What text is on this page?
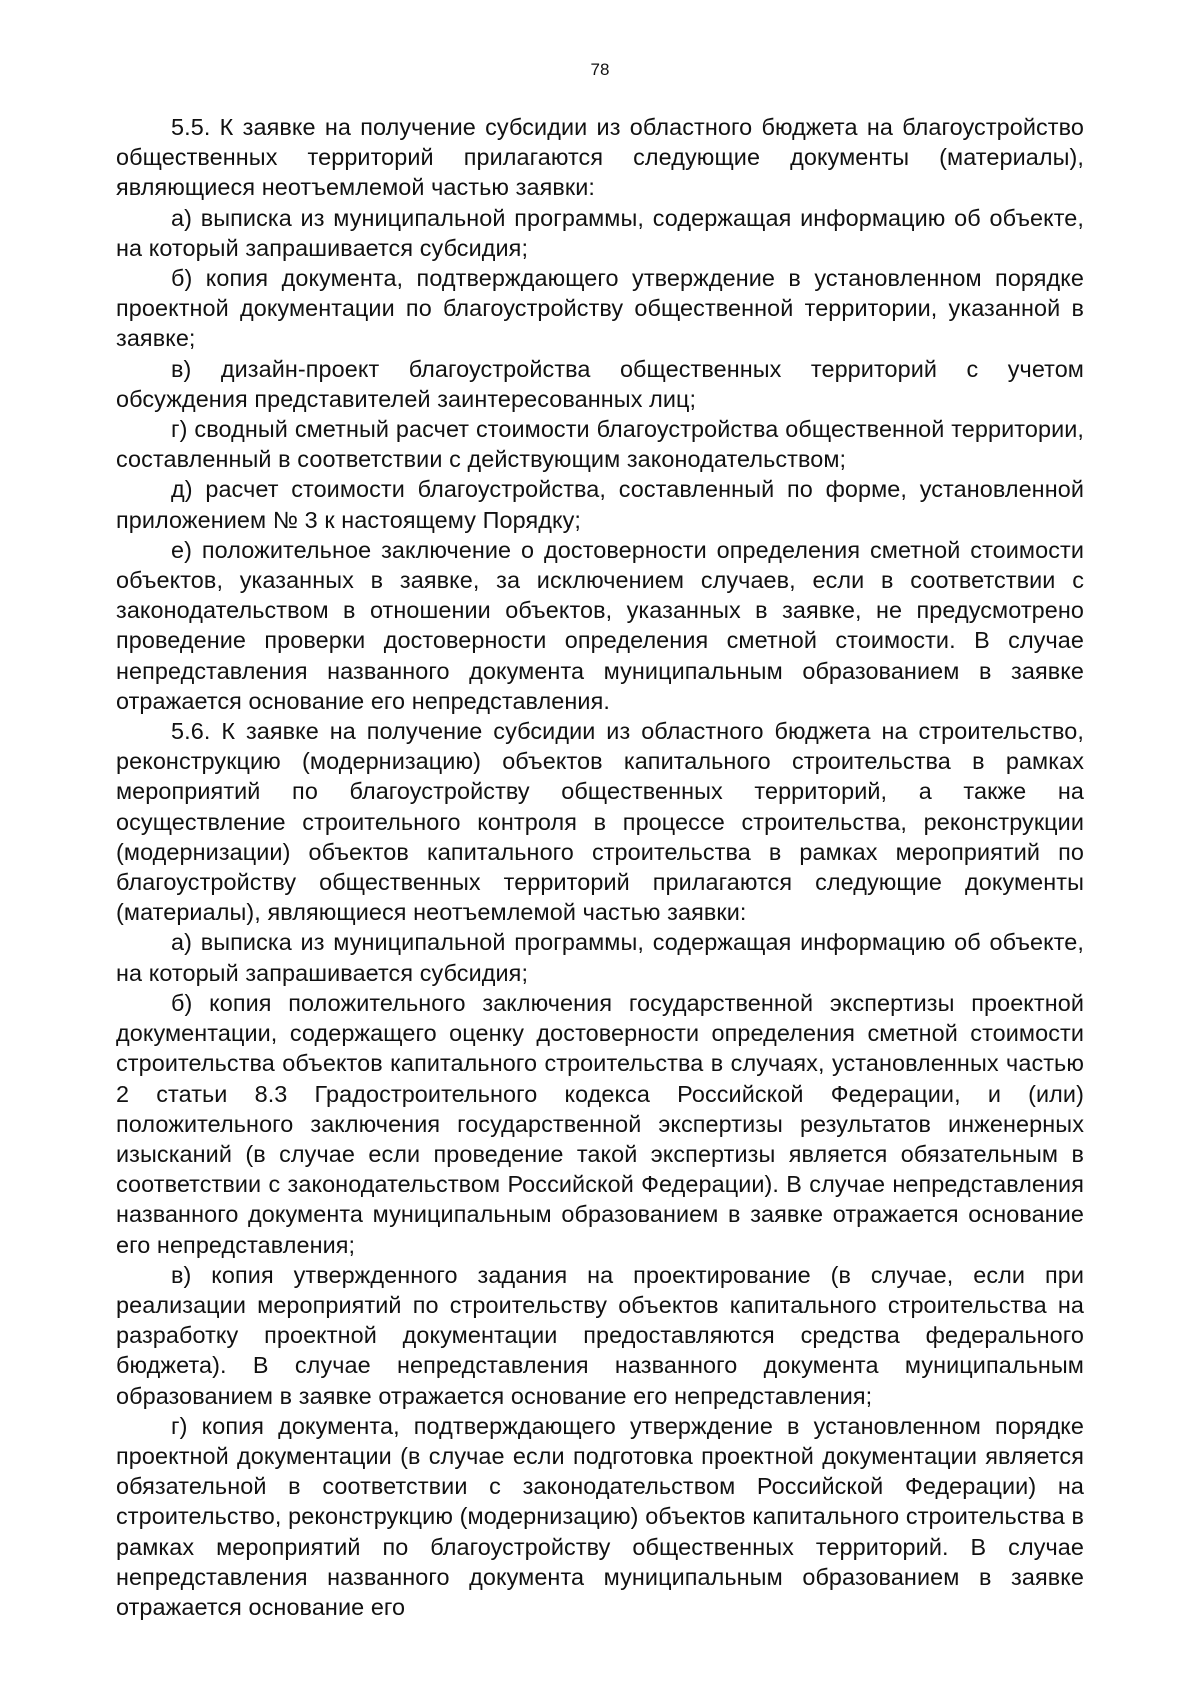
78

5.5. К заявке на получение субсидии из областного бюджета на благоустройство общественных территорий прилагаются следующие документы (материалы), являющиеся неотъемлемой частью заявки:

а) выписка из муниципальной программы, содержащая информацию об объекте, на который запрашивается субсидия;

б) копия документа, подтверждающего утверждение в установленном порядке проектной документации по благоустройству общественной территории, указанной в заявке;

в) дизайн-проект благоустройства общественных территорий с учетом обсуждения представителей заинтересованных лиц;

г) сводный сметный расчет стоимости благоустройства общественной территории, составленный в соответствии с действующим законодательством;

д) расчет стоимости благоустройства, составленный по форме, установленной приложением № 3 к настоящему Порядку;

е) положительное заключение о достоверности определения сметной стоимости объектов, указанных в заявке, за исключением случаев, если в соответствии с законодательством в отношении объектов, указанных в заявке, не предусмотрено проведение проверки достоверности определения сметной стоимости. В случае непредставления названного документа муниципальным образованием в заявке отражается основание его непредставления.

5.6. К заявке на получение субсидии из областного бюджета на строительство, реконструкцию (модернизацию) объектов капитального строительства в рамках мероприятий по благоустройству общественных территорий, а также на осуществление строительного контроля в процессе строительства, реконструкции (модернизации) объектов капитального строительства в рамках мероприятий по благоустройству общественных территорий прилагаются следующие документы (материалы), являющиеся неотъемлемой частью заявки:

а) выписка из муниципальной программы, содержащая информацию об объекте, на который запрашивается субсидия;

б) копия положительного заключения государственной экспертизы проектной документации, содержащего оценку достоверности определения сметной стоимости строительства объектов капитального строительства в случаях, установленных частью 2 статьи 8.3 Градостроительного кодекса Российской Федерации, и (или) положительного заключения государственной экспертизы результатов инженерных изысканий (в случае если проведение такой экспертизы является обязательным в соответствии с законодательством Российской Федерации). В случае непредставления названного документа муниципальным образованием в заявке отражается основание его непредставления;

в) копия утвержденного задания на проектирование (в случае, если при реализации мероприятий по строительству объектов капитального строительства на разработку проектной документации предоставляются средства федерального бюджета). В случае непредставления названного документа муниципальным образованием в заявке отражается основание его непредставления;

г) копия документа, подтверждающего утверждение в установленном порядке проектной документации (в случае если подготовка проектной документации является обязательной в соответствии с законодательством Российской Федерации) на строительство, реконструкцию (модернизацию) объектов капитального строительства в рамках мероприятий по благоустройству общественных территорий. В случае непредставления названного документа муниципальным образованием в заявке отражается основание его
